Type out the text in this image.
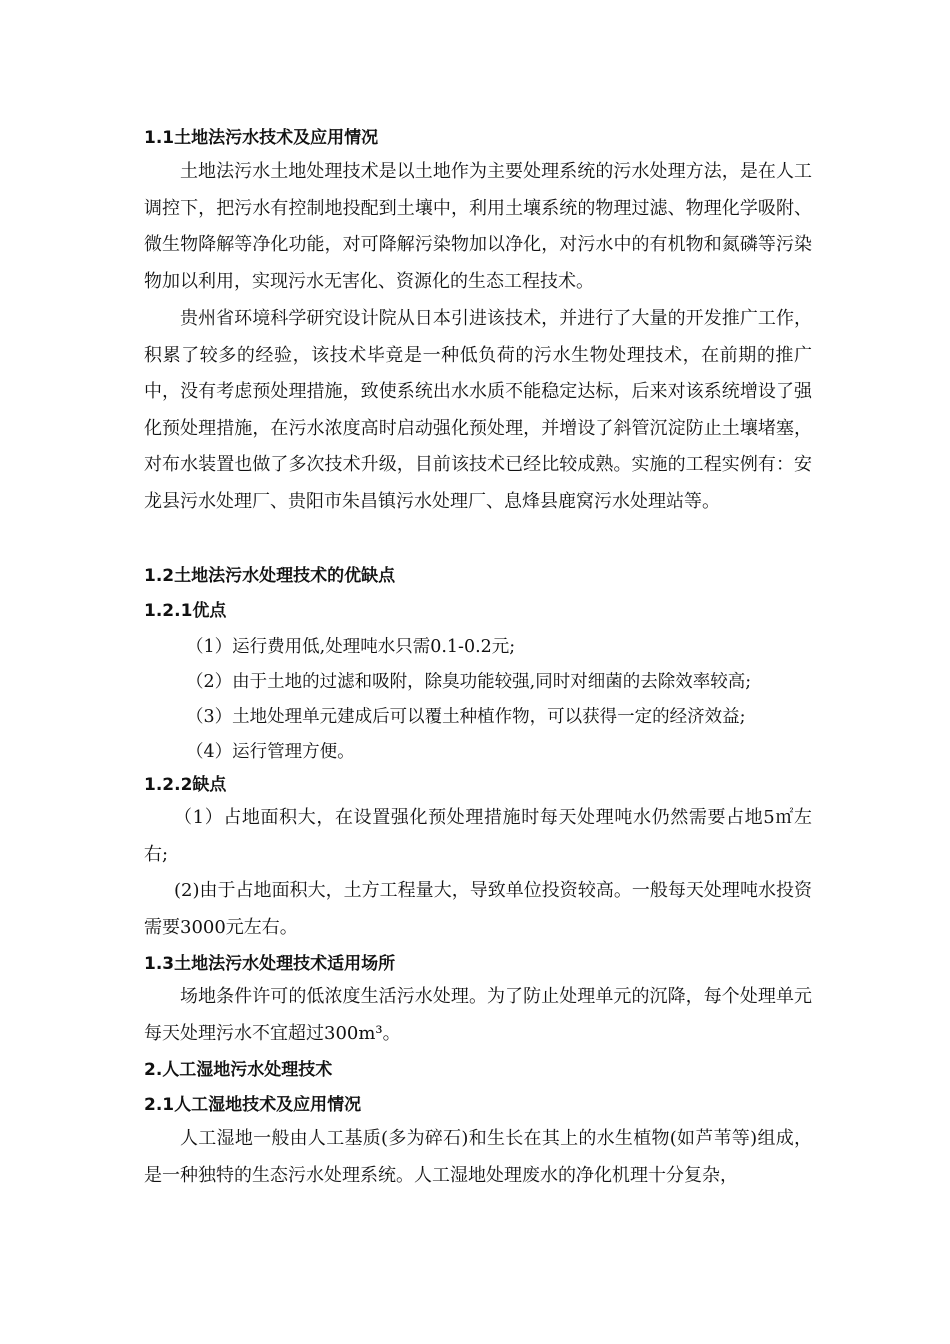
1.1土地法污水技术及应用情况
土地法污水土地处理技术是以土地作为主要处理系统的污水处理方法，是在人工调控下，把污水有控制地投配到土壤中，利用土壤系统的物理过滤、物理化学吸附、微生物降解等净化功能，对可降解污染物加以净化，对污水中的有机物和氮磷等污染物加以利用，实现污水无害化、资源化的生态工程技术。
贵州省环境科学研究设计院从日本引进该技术，并进行了大量的开发推广工作，积累了较多的经验，该技术毕竟是一种低负荷的污水生物处理技术，在前期的推广中，没有考虑预处理措施，致使系统出水水质不能稳定达标，后来对该系统增设了强化预处理措施，在污水浓度高时启动强化预处理，并增设了斜管沉淀防止土壤堵塞，对布水装置也做了多次技术升级，目前该技术已经比较成熟。实施的工程实例有：安龙县污水处理厂、贵阳市朱昌镇污水处理厂、息烽县鹿窝污水处理站等。
1.2土地法污水处理技术的优缺点
1.2.1优点
（1）运行费用低,处理吨水只需0.1-0.2元;
（2）由于土地的过滤和吸附，除臭功能较强,同时对细菌的去除效率较高;
（3）土地处理单元建成后可以覆土种植作物，可以获得一定的经济效益;
（4）运行管理方便。
1.2.2缺点
（1）占地面积大，在设置强化预处理措施时每天处理吨水仍然需要占地5㎡左右;
(2)由于占地面积大，土方工程量大，导致单位投资较高。一般每天处理吨水投资需要3000元左右。
1.3土地法污水处理技术适用场所
场地条件许可的低浓度生活污水处理。为了防止处理单元的沉降，每个处理单元每天处理污水不宜超过300m³。
2.人工湿地污水处理技术
2.1人工湿地技术及应用情况
人工湿地一般由人工基质(多为碎石)和生长在其上的水生植物(如芦苇等)组成，是一种独特的生态污水处理系统。人工湿地处理废水的净化机理十分复杂，
